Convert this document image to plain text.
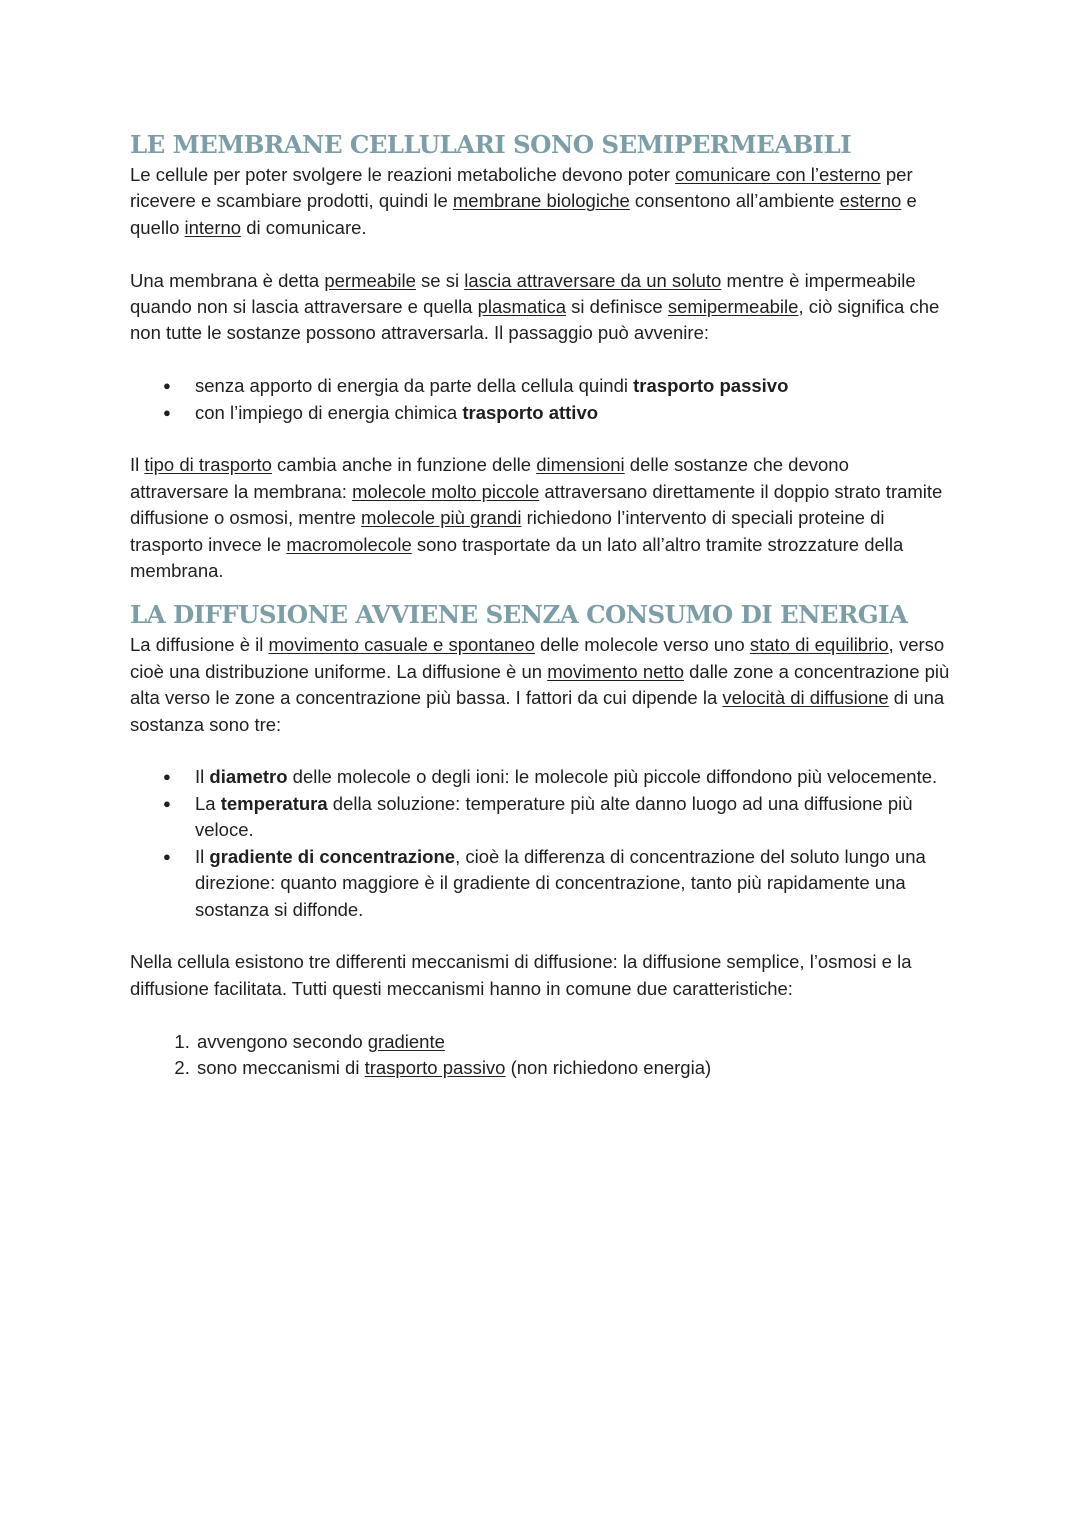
LE MEMBRANE CELLULARI SONO SEMIPERMEABILI

Le cellule per poter svolgere le reazioni metaboliche devono poter comunicare con l’esterno per ricevere e scambiare prodotti, quindi le membrane biologiche consentono all’ambiente esterno e quello interno di comunicare.

Una membrana è detta permeabile se si lascia attraversare da un soluto mentre è impermeabile quando non si lascia attraversare e quella plasmatica si definisce semipermeabile, ciò significa che non tutte le sostanze possono attraversarla. Il passaggio può avvenire:

● senza apporto di energia da parte della cellula quindi trasporto passivo
● con l’impiego di energia chimica trasporto attivo

Il tipo di trasporto cambia anche in funzione delle dimensioni delle sostanze che devono attraversare la membrana: molecole molto piccole attraversano direttamente il doppio strato tramite diffusione o osmosi, mentre molecole più grandi richiedono l’intervento di speciali proteine di trasporto invece le macromolecole sono trasportate da un lato all’altro tramite strozzature della membrana.

LA DIFFUSIONE AVVIENE SENZA CONSUMO DI ENERGIA

La diffusione è il movimento casuale e spontaneo delle molecole verso uno stato di equilibrio, verso cioè una distribuzione uniforme. La diffusione è un movimento netto dalle zone a concentrazione più alta verso le zone a concentrazione più bassa. I fattori da cui dipende la velocità di diffusione di una sostanza sono tre:

● Il diametro delle molecole o degli ioni: le molecole più piccole diffondono più velocemente.
● La temperatura della soluzione: temperature più alte danno luogo ad una diffusione più veloce.
● Il gradiente di concentrazione, cioè la differenza di concentrazione del soluto lungo una direzione: quanto maggiore è il gradiente di concentrazione, tanto più rapidamente una sostanza si diffonde.

Nella cellula esistono tre differenti meccanismi di diffusione: la diffusione semplice, l’osmosi e la diffusione facilitata. Tutti questi meccanismi hanno in comune due caratteristiche:

1. avvengono secondo gradiente
2. sono meccanismi di trasporto passivo (non richiedono energia)
